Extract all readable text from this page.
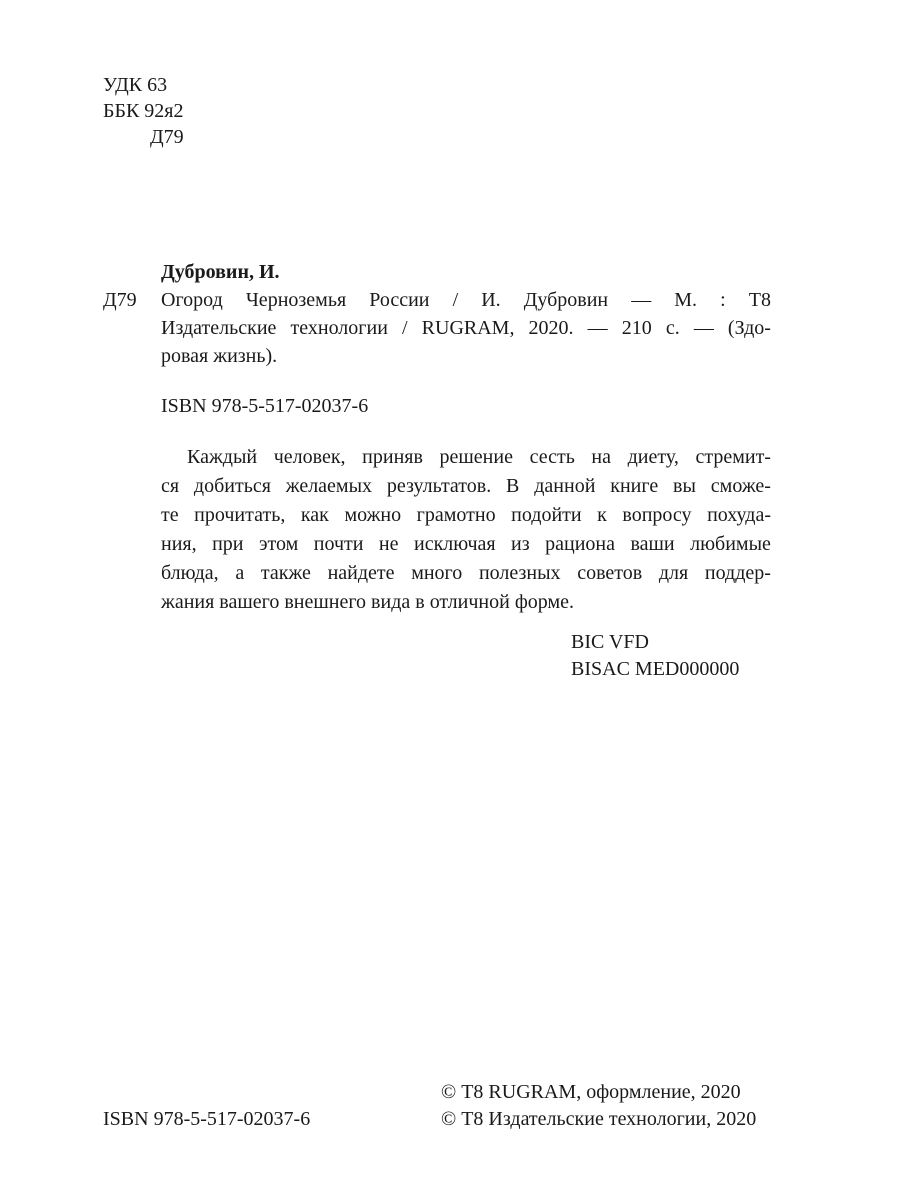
УДК 63
ББК 92я2
Д79
Дубровин, И.
Д79 Огород Черноземья России / И. Дубровин — М. : Т8
Издательские технологии / RUGRAM, 2020. — 210 с. — (Здо-
ровая жизнь).
ISBN 978-5-517-02037-6
Каждый человек, приняв решение сесть на диету, стремит-
ся добиться желаемых результатов. В данной книге вы сможе-
те прочитать, как можно грамотно подойти к вопросу похуда-
ния, при этом почти не исключая из рациона ваши любимые
блюда, а также найдете много полезных советов для поддер-
жания вашего внешнего вида в отличной форме.
BIC VFD
BISAC MED000000
© Т8 RUGRAM, оформление, 2020
ISBN 978-5-517-02037-6	© Т8 Издательские технологии, 2020
